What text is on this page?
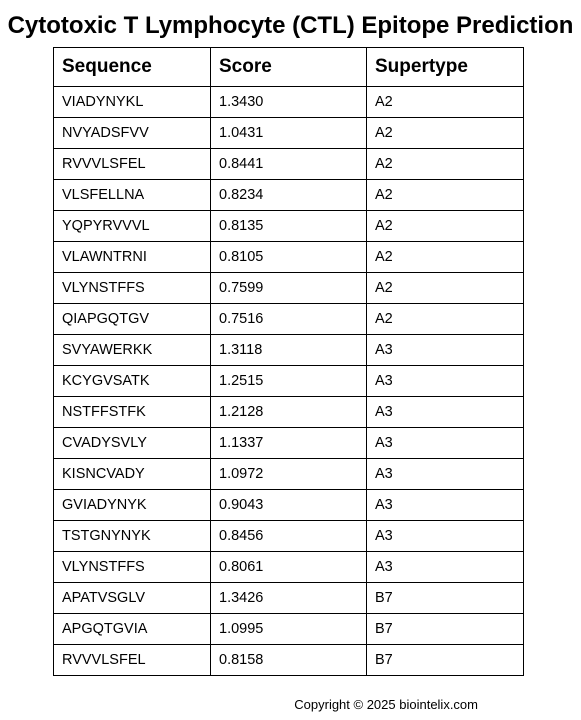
Cytotoxic T Lymphocyte (CTL) Epitope Prediction
Sequence	Score	Supertype
VIADYNYKL	1.3430	A2
NVYADSFVV	1.0431	A2
RVVVLSFEL	0.8441	A2
VLSFELLNA	0.8234	A2
YQPYRVVVL	0.8135	A2
VLAWNTRNI	0.8105	A2
VLYNSTFFS	0.7599	A2
QIAPGQTGV	0.7516	A2
SVYAWERKK	1.3118	A3
KCYGVSATK	1.2515	A3
NSTFFSTFK	1.2128	A3
CVADYSVLY	1.1337	A3
KISNCVADY	1.0972	A3
GVIADYNYK	0.9043	A3
TSTGNYNYK	0.8456	A3
VLYNSTFFS	0.8061	A3
APATVSGLV	1.3426	B7
APGQTGVIA	1.0995	B7
RVVVLSFEL	0.8158	B7
Copyright © 2025 biointelix.com
